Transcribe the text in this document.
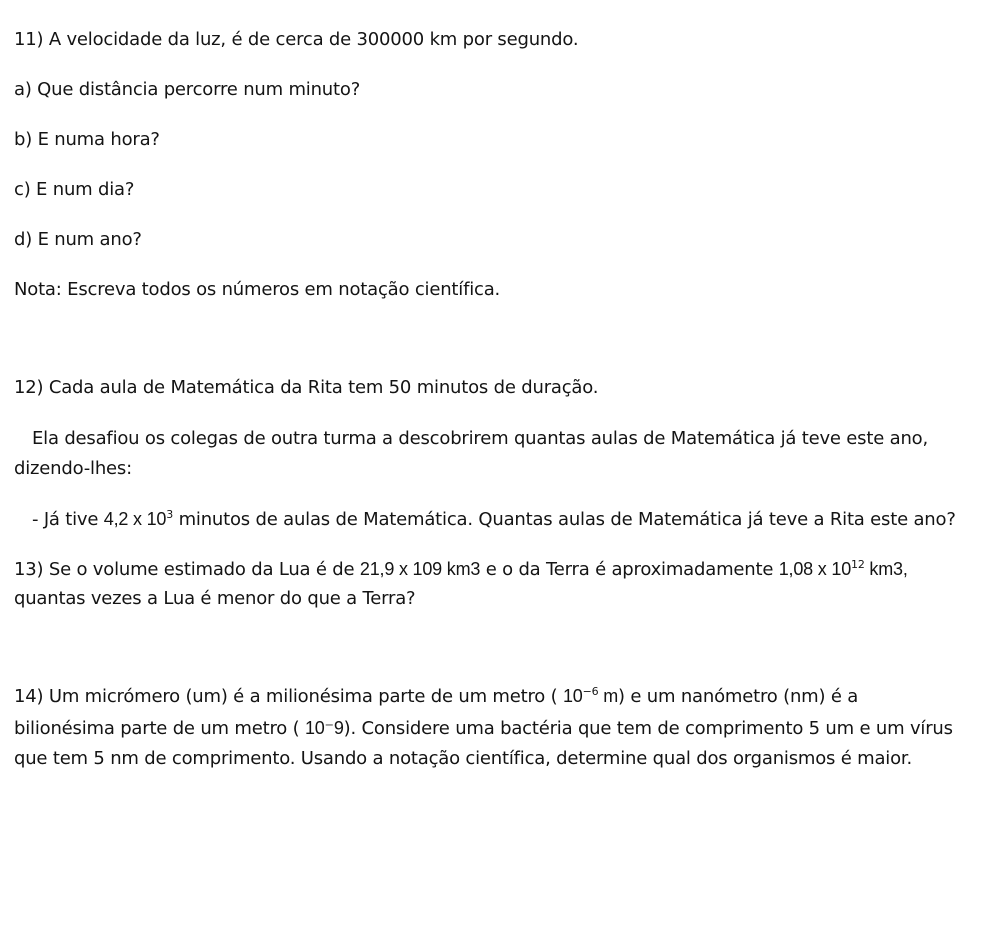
11) A velocidade da luz, é de cerca de 300000 km por segundo.
a) Que distância percorre num minuto?
b) E numa hora?
c) E num dia?
d) E num ano?
Nota: Escreva todos os números em notação científica.
12) Cada aula de Matemática da Rita tem 50 minutos de duração.
Ela desafiou os colegas de outra turma a descobrirem quantas aulas de Matemática já teve este ano,
dizendo-lhes:
- Já tive 4,2 x $10^3$ minutos de aulas de Matemática. Quantas aulas de Matemática já teve a Rita este ano?
13) Se o volume estimado da Lua é de 21,9 x 109 km3 e o da Terra é aproximadamente 1,08 x $10^{12}$ km3,
quantas vezes a Lua é menor do que a Terra?
14) Um micrómero (um) é a milionésima parte de um metro ( $10^{-6}$ m) e um nanómetro (nm) é a
bilionésima parte de um metro ( 10⁻9). Considere uma bactéria que tem de comprimento 5 um e um vírus
que tem 5 nm de comprimento. Usando a notação científica, determine qual dos organismos é maior.
